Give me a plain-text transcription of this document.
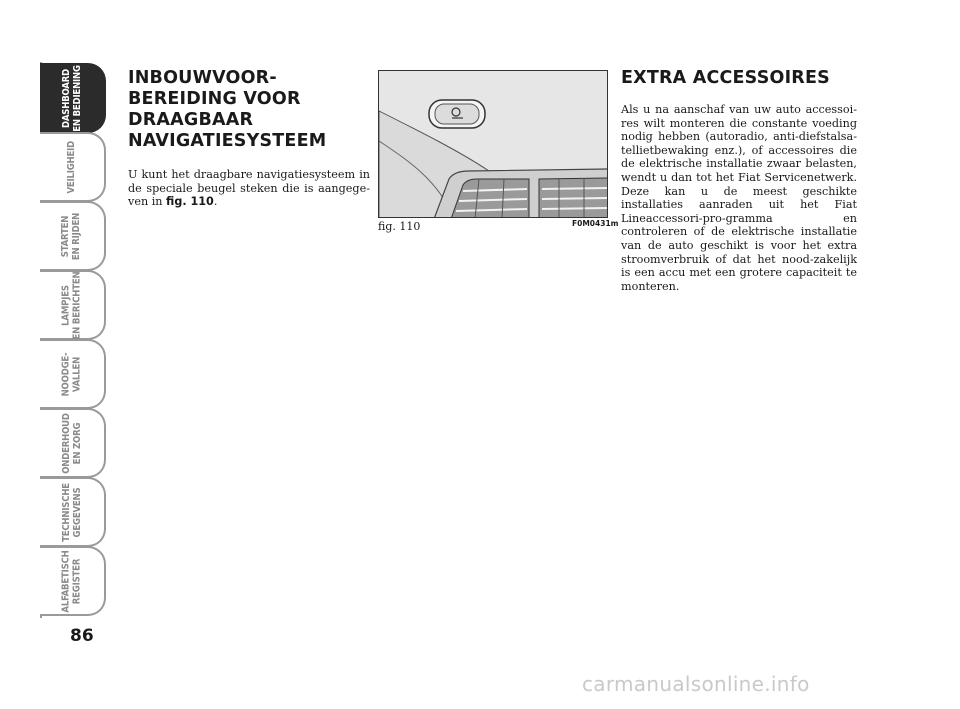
DASHBOARD EN BEDIENING
VEILIGHEID
STARTEN EN RIJDEN
LAMPJES EN BERICHTEN
NOODGE- VALLEN
ONDERHOUD EN ZORG
TECHNISCHE GEGEVENS
ALFABETISCH REGISTER
86
INBOUWVOOR-
BEREIDING VOOR
DRAAGBAAR
NAVIGATIESYSTEEM

U kunt het draagbare navigatiesysteem in de speciale beugel steken die is aangege-ven in fig. 110.

fig. 110	F0M0431m
EXTRA ACCESSOIRES

Als u na aanschaf van uw auto accessoi-res wilt monteren die constante voeding nodig hebben (autoradio, anti-diefstalsa-tellietbewaking enz.), of accessoires die de elektrische installatie zwaar belasten, wendt u dan tot het Fiat Servicenetwerk. Deze kan u de meest geschikte installaties aanraden uit het Fiat Lineaccessori-pro-gramma en controleren of de elektrische installatie van de auto geschikt is voor het extra stroomverbruik of dat het nood-zakelijk is een accu met een grotere capaciteit te monteren.

carmanualsonline.info
